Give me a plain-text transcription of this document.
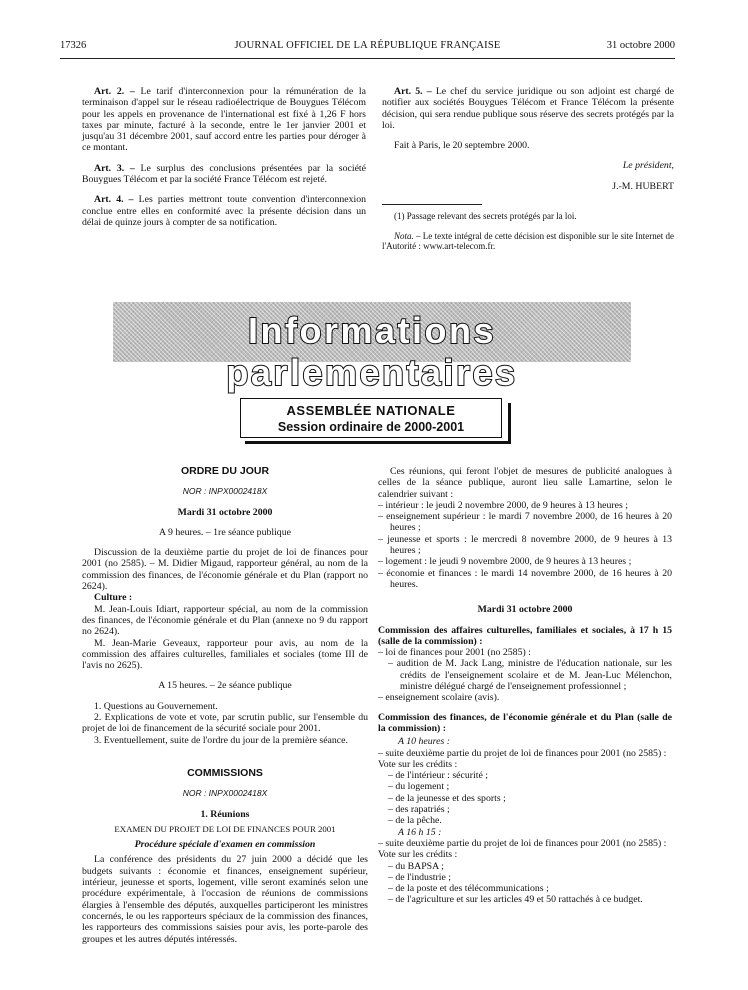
17326	JOURNAL OFFICIEL DE LA RÉPUBLIQUE FRANÇAISE	31 octobre 2000

Art. 2. – Le tarif d'interconnexion pour la rémunération de la terminaison d'appel sur le réseau radioélectrique de Bouygues Télécom pour les appels en provenance de l'international est fixé à 1,26 F hors taxes par minute, facturé à la seconde, entre le 1er janvier 2001 et jusqu'au 31 décembre 2001, sauf accord entre les parties pour déroger à ce montant.

Art. 3. – Le surplus des conclusions présentées par la société Bouygues Télécom et par la société France Télécom est rejeté.

Art. 4. – Les parties mettront toute convention d'interconnexion conclue entre elles en conformité avec la présente décision dans un délai de quinze jours à compter de sa notification.

Art. 5. – Le chef du service juridique ou son adjoint est chargé de notifier aux sociétés Bouygues Télécom et France Télécom la présente décision, qui sera rendue publique sous réserve des secrets protégés par la loi.

Fait à Paris, le 20 septembre 2000.

Le président,

J.-M. HUBERT

(1) Passage relevant des secrets protégés par la loi.

Nota. – Le texte intégral de cette décision est disponible sur le site Internet de l'Autorité : www.art-telecom.fr.

Informations parlementaires
ASSEMBLÉE NATIONALE
Session ordinaire de 2000-2001

ORDRE DU JOUR

NOR : INPX0002418X

Mardi 31 octobre 2000

A 9 heures. – 1re séance publique

Discussion de la deuxième partie du projet de loi de finances pour 2001 (no 2585). – M. Didier Migaud, rapporteur général, au nom de la commission des finances, de l'économie générale et du Plan (rapport no 2624).

Culture :

M. Jean-Louis Idiart, rapporteur spécial, au nom de la commission des finances, de l'économie générale et du Plan (annexe no 9 du rapport no 2624).

M. Jean-Marie Geveaux, rapporteur pour avis, au nom de la commission des affaires culturelles, familiales et sociales (tome III de l'avis no 2625).

A 15 heures. – 2e séance publique

1. Questions au Gouvernement.

2. Explications de vote et vote, par scrutin public, sur l'ensemble du projet de loi de financement de la sécurité sociale pour 2001.

3. Eventuellement, suite de l'ordre du jour de la première séance.

COMMISSIONS

NOR : INPX0002418X

1. Réunions

EXAMEN DU PROJET DE LOI DE FINANCES POUR 2001

Procédure spéciale d'examen en commission

La conférence des présidents du 27 juin 2000 a décidé que les budgets suivants : économie et finances, enseignement supérieur, intérieur, jeunesse et sports, logement, ville seront examinés selon une procédure expérimentale, à l'occasion de réunions de commissions élargies à l'ensemble des députés, auxquelles participeront les ministres concernés, le ou les rapporteurs spéciaux de la commission des finances, les rapporteurs des commissions saisies pour avis, les porte-parole des groupes et les autres députés intéressés.

Ces réunions, qui feront l'objet de mesures de publicité analogues à celles de la séance publique, auront lieu salle Lamartine, selon le calendrier suivant :

– intérieur : le jeudi 2 novembre 2000, de 9 heures à 13 heures ;
– enseignement supérieur : le mardi 7 novembre 2000, de 16 heures à 20 heures ;
– jeunesse et sports : le mercredi 8 novembre 2000, de 9 heures à 13 heures ;
– logement : le jeudi 9 novembre 2000, de 9 heures à 13 heures ;
– économie et finances : le mardi 14 novembre 2000, de 16 heures à 20 heures.

Mardi 31 octobre 2000

Commission des affaires culturelles, familiales et sociales, à 17 h 15 (salle de la commission) :

– loi de finances pour 2001 (no 2585) :
– audition de M. Jack Lang, ministre de l'éducation nationale, sur les crédits de l'enseignement scolaire et de M. Jean-Luc Mélenchon, ministre délégué chargé de l'enseignement professionnel ;
– enseignement scolaire (avis).

Commission des finances, de l'économie générale et du Plan (salle de la commission) :

A 10 heures :

– suite deuxième partie du projet de loi de finances pour 2001 (no 2585) :
Vote sur les crédits :
– de l'intérieur : sécurité ;
– du logement ;
– de la jeunesse et des sports ;
– des rapatriés ;
– de la pêche.

A 16 h 15 :

– suite deuxième partie du projet de loi de finances pour 2001 (no 2585) :
Vote sur les crédits :
– du BAPSA ;
– de l'industrie ;
– de la poste et des télécommunications ;
– de l'agriculture et sur les articles 49 et 50 rattachés à ce budget.
